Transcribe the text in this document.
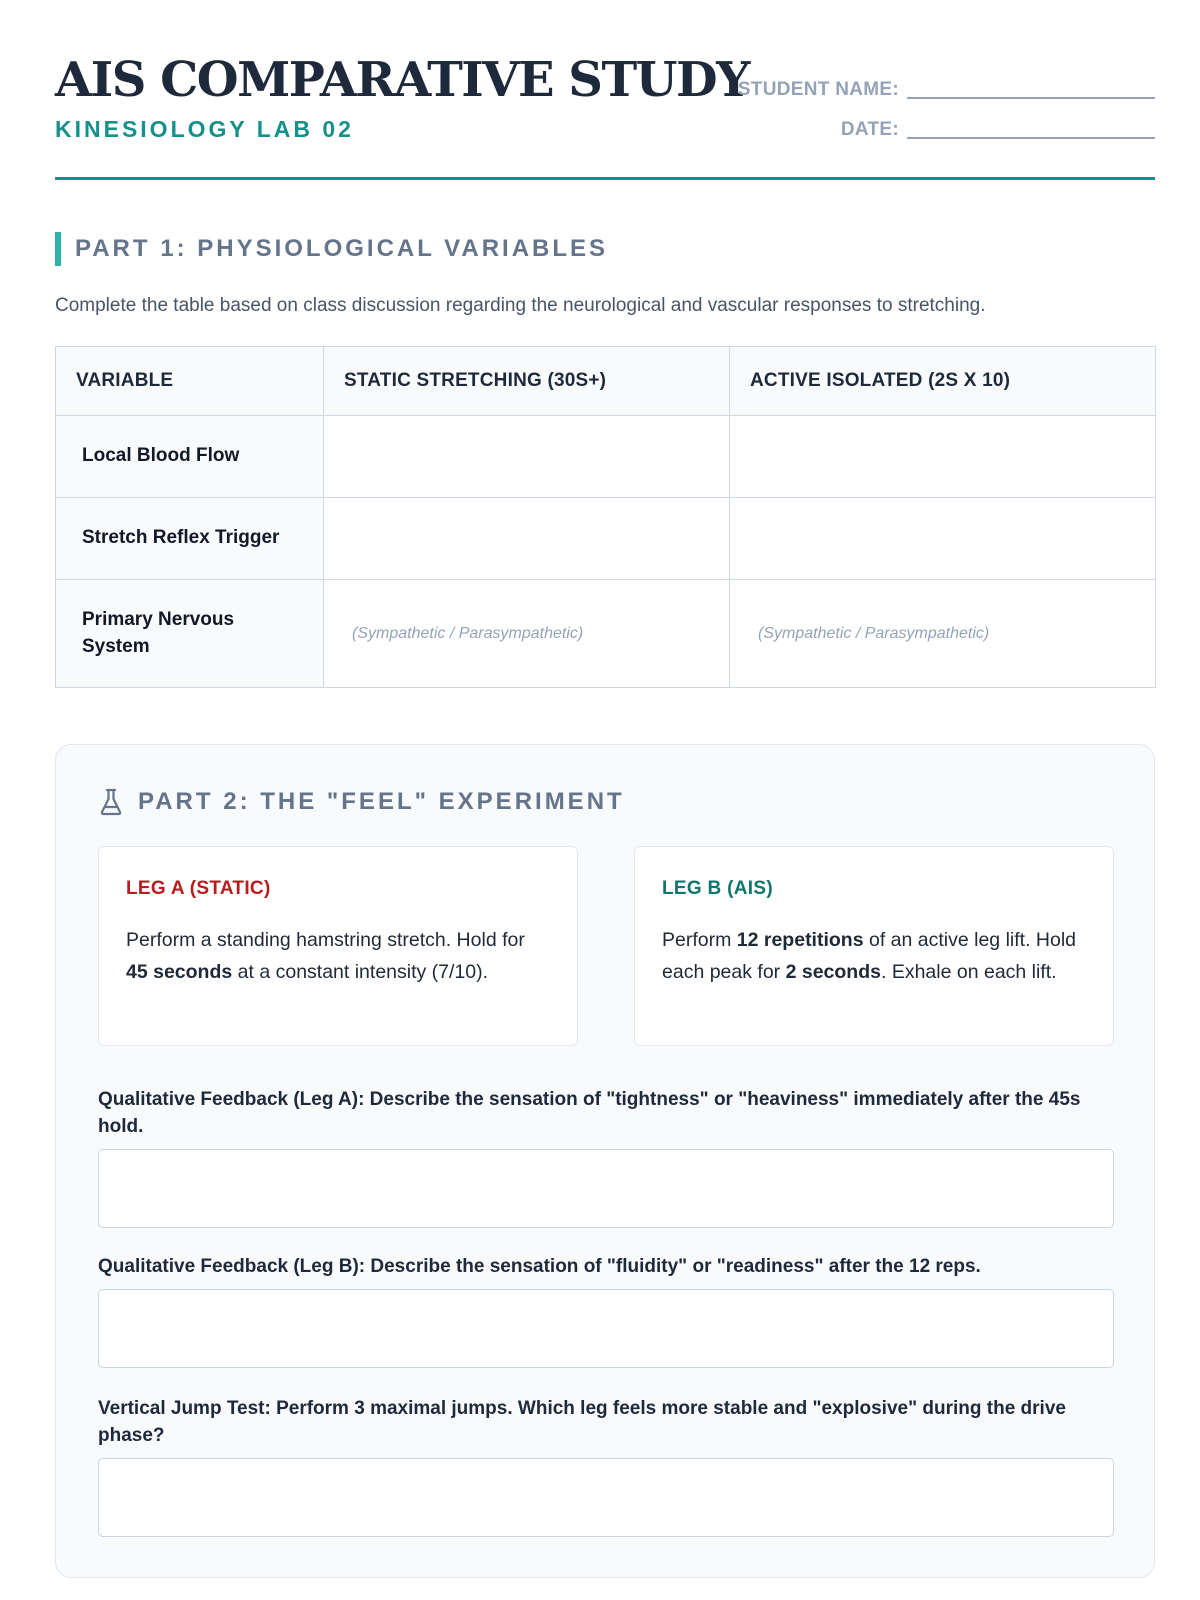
AIS COMPARATIVE STUDY
KINESIOLOGY LAB 02
STUDENT NAME:
DATE:
PART 1: PHYSIOLOGICAL VARIABLES
Complete the table based on class discussion regarding the neurological and vascular responses to stretching.
VARIABLE	STATIC STRETCHING (30S+)	ACTIVE ISOLATED (2S X 10)
Local Blood Flow		
Stretch Reflex Trigger		
Primary Nervous System	(Sympathetic / Parasympathetic)	(Sympathetic / Parasympathetic)
PART 2: THE "FEEL" EXPERIMENT
LEG A (STATIC)
Perform a standing hamstring stretch. Hold for 45 seconds at a constant intensity (7/10).
LEG B (AIS)
Perform 12 repetitions of an active leg lift. Hold each peak for 2 seconds. Exhale on each lift.
Qualitative Feedback (Leg A): Describe the sensation of "tightness" or "heaviness" immediately after the 45s hold.
Qualitative Feedback (Leg B): Describe the sensation of "fluidity" or "readiness" after the 12 reps.
Vertical Jump Test: Perform 3 maximal jumps. Which leg feels more stable and "explosive" during the drive phase?
